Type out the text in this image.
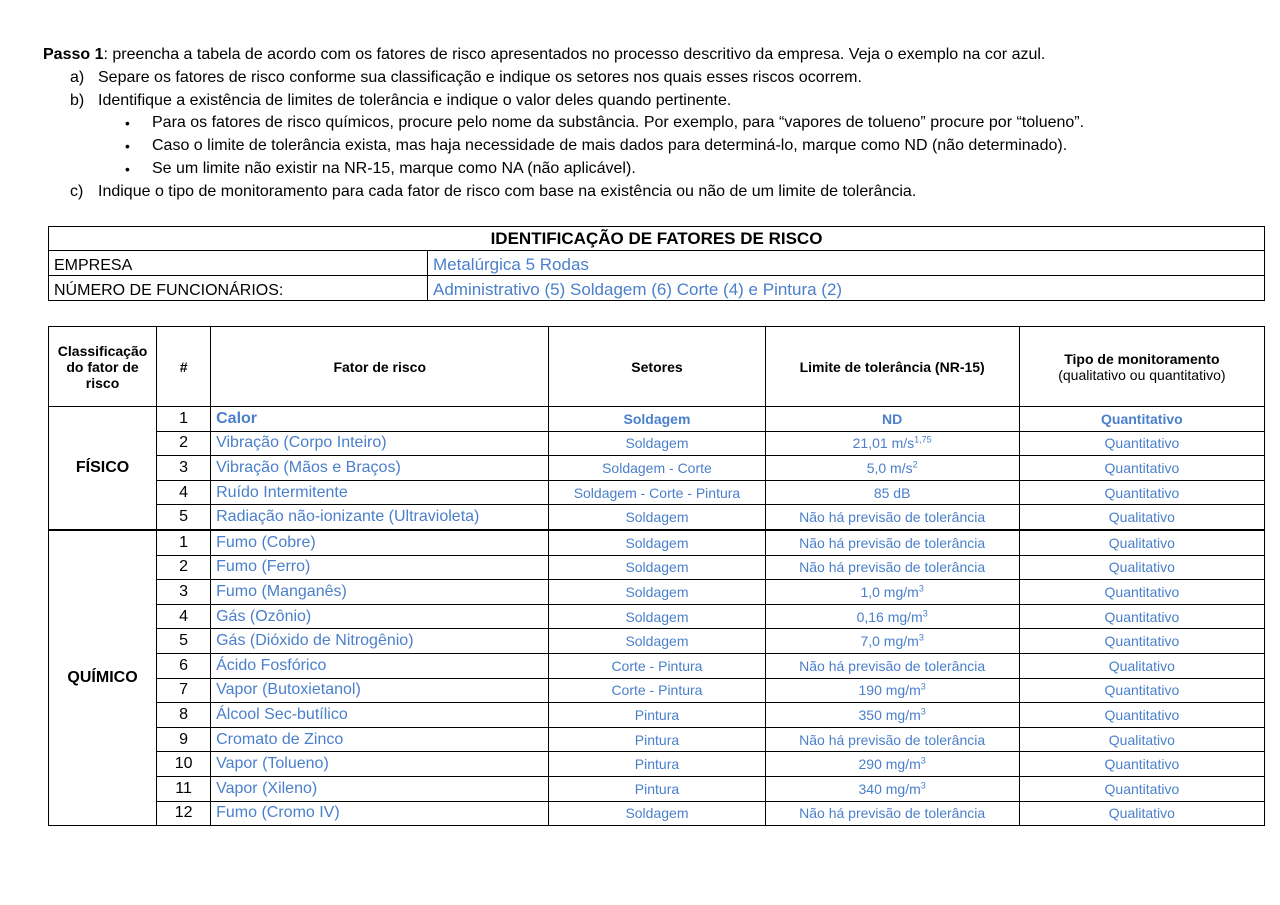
Passo 1: preencha a tabela de acordo com os fatores de risco apresentados no processo descritivo da empresa. Veja o exemplo na cor azul.

a) Separe os fatores de risco conforme sua classificação e indique os setores nos quais esses riscos ocorrem.
b) Identifique a existência de limites de tolerância e indique o valor deles quando pertinente.
•	Para os fatores de risco químicos, procure pelo nome da substância. Por exemplo, para “vapores de tolueno” procure por “tolueno”.
•	Caso o limite de tolerância exista, mas haja necessidade de mais dados para determiná-lo, marque como ND (não determinado).
•	Se um limite não existir na NR-15, marque como NA (não aplicável).
c) Indique o tipo de monitoramento para cada fator de risco com base na existência ou não de um limite de tolerância.
IDENTIFICAÇÃO DE FATORES DE RISCO	
EMPRESA	Metalúrgica 5 Rodas
NÚMERO DE FUNCIONÁRIOS:	Administrativo (5) Soldagem (6) Corte (4) e Pintura (2)
Classificação do fator de risco	#	Fator de risco	Setores	Limite de tolerância (NR-15)	Tipo de monitoramento
(qualitativo ou quantitativo)
FÍSICO	1	Calor	Soldagem	ND	Quantitativo
	2	Vibração (Corpo Inteiro)	Soldagem	21,01 $m/s^{1,75}$	Quantitativo
	3	Vibração (Mãos e Braços)	Soldagem - Corte	5,0 $m/s^2$	Quantitativo
	4	Ruído Intermitente	Soldagem - Corte - Pintura	85 dB	Quantitativo
	5	Radiação não-ionizante (Ultravioleta)	Soldagem	Não há previsão de tolerância	Qualitativo
QUÍMICO	1	Fumo (Cobre)	Soldagem	Não há previsão de tolerância	Qualitativo
	2	Fumo (Ferro)	Soldagem	Não há previsão de tolerância	Qualitativo
	3	Fumo (Manganês)	Soldagem	1,0 $mg/m^3$	Quantitativo
	4	Gás (Ozônio)	Soldagem	0,16 $mg/m^3$	Quantitativo
	5	Gás (Dióxido de Nitrogênio)	Soldagem	7,0 $mg/m^3$	Quantitativo
	6	Ácido Fosfórico	Corte - Pintura	Não há previsão de tolerância	Qualitativo
	7	Vapor (Butoxietanol)	Corte - Pintura	190 $mg/m^3$	Quantitativo
	8	Álcool Sec-butílico	Pintura	350 $mg/m^3$	Quantitativo
	9	Cromato de Zinco	Pintura	Não há previsão de tolerância	Qualitativo
	10	Vapor (Tolueno)	Pintura	290 $mg/m^3$	Quantitativo
	11	Vapor (Xileno)	Pintura	340 $mg/m^3$	Quantitativo
	12	Fumo (Cromo IV)	Soldagem	Não há previsão de tolerância	Qualitativo
